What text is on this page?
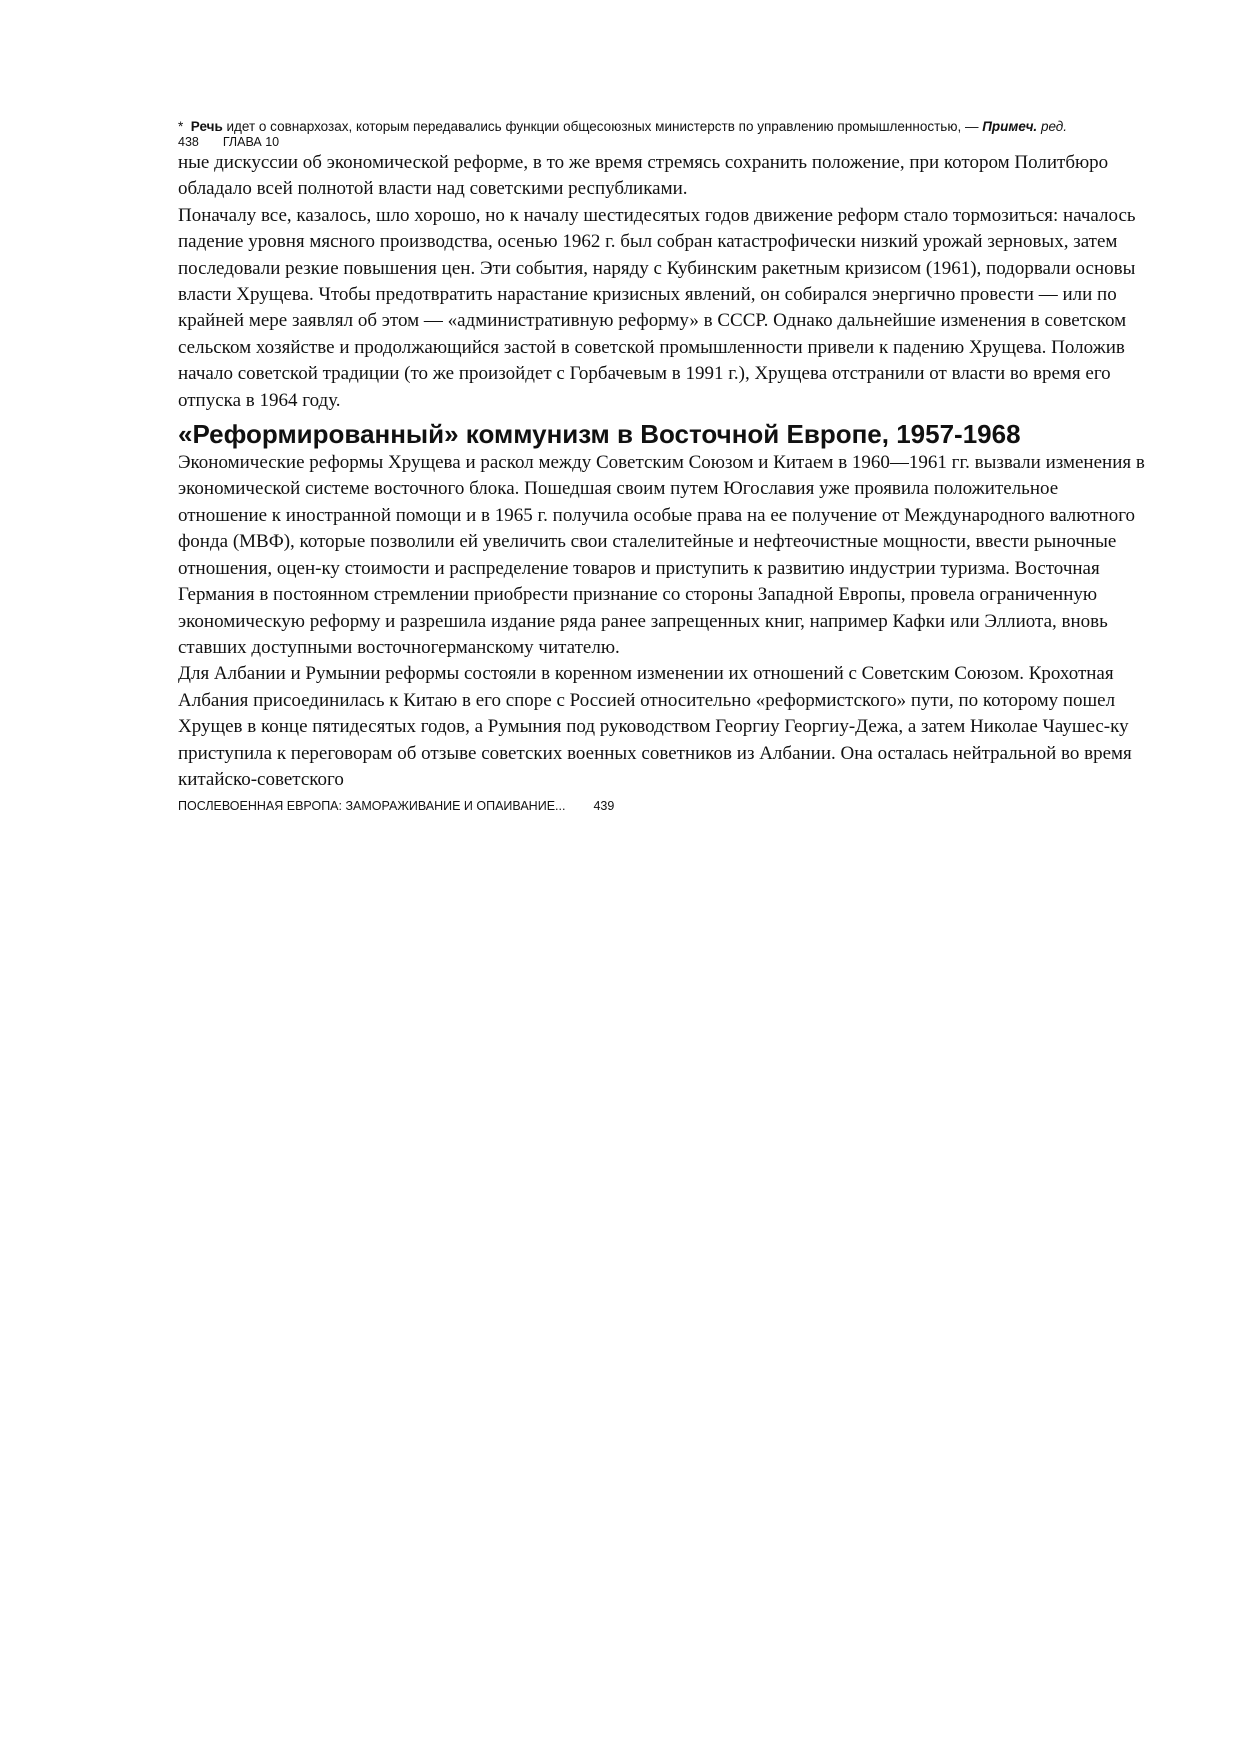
* Речь идет о совнархозах, которым передавались функции общесоюзных министерств по управлению промышленностью, — Примеч. ред.

438 ГЛАВА 10

ные дискуссии об экономической реформе, в то же время стремясь сохранить положение, при котором Политбюро обладало всей полнотой власти над советскими республиками.

Поначалу все, казалось, шло хорошо, но к началу шестидесятых годов движение реформ стало тормозиться: началось падение уровня мясного производства, осенью 1962 г. был собран катастрофически низкий урожай зерновых, затем последовали резкие повышения цен. Эти события, наряду с Кубинским ракетным кризисом (1961), подорвали основы власти Хрущева. Чтобы предотвратить нарастание кризисных явлений, он собирался энергично провести — или по крайней мере заявлял об этом — «административную реформу» в СССР. Однако дальнейшие изменения в советском сельском хозяйстве и продолжающийся застой в советской промышленности привели к падению Хрущева. Положив начало советской традиции (то же произойдет с Горбачевым в 1991 г.), Хрущева отстранили от власти во время его отпуска в 1964 году.

«Реформированный» коммунизм в Восточной Европе, 1957-1968

Экономические реформы Хрущева и раскол между Советским Союзом и Китаем в 1960—1961 гг. вызвали изменения в экономической системе восточного блока. Пошедшая своим путем Югославия уже проявила положительное отношение к иностранной помощи и в 1965 г. получила особые права на ее получение от Международного валютного фонда (МВФ), которые позволили ей увеличить свои сталелитейные и нефтеочистные мощности, ввести рыночные отношения, оцен-ку стоимости и распределение товаров и приступить к развитию индустрии туризма. Восточная Германия в постоянном стремлении приобрести признание со стороны Западной Европы, провела ограниченную экономическую реформу и разрешила издание ряда ранее запрещенных книг, например Кафки или Эллиота, вновь ставших доступными восточногерманскому читателю.

Для Албании и Румынии реформы состояли в коренном изменении их отношений с Советским Союзом. Крохотная Албания присоединилась к Китаю в его споре с Россией относительно «реформистского» пути, по которому пошел Хрущев в конце пятидесятых годов, а Румыния под руководством Георгиу Георгиу-Дежа, а затем Николае Чаушес-ку приступила к переговорам об отзыве советских военных советников из Албании. Она осталась нейтральной во время китайско-советского

ПОСЛЕВОЕННАЯ ЕВРОПА: ЗАМОРАЖИВАНИЕ И ОПАИВАНИЕ... 439
